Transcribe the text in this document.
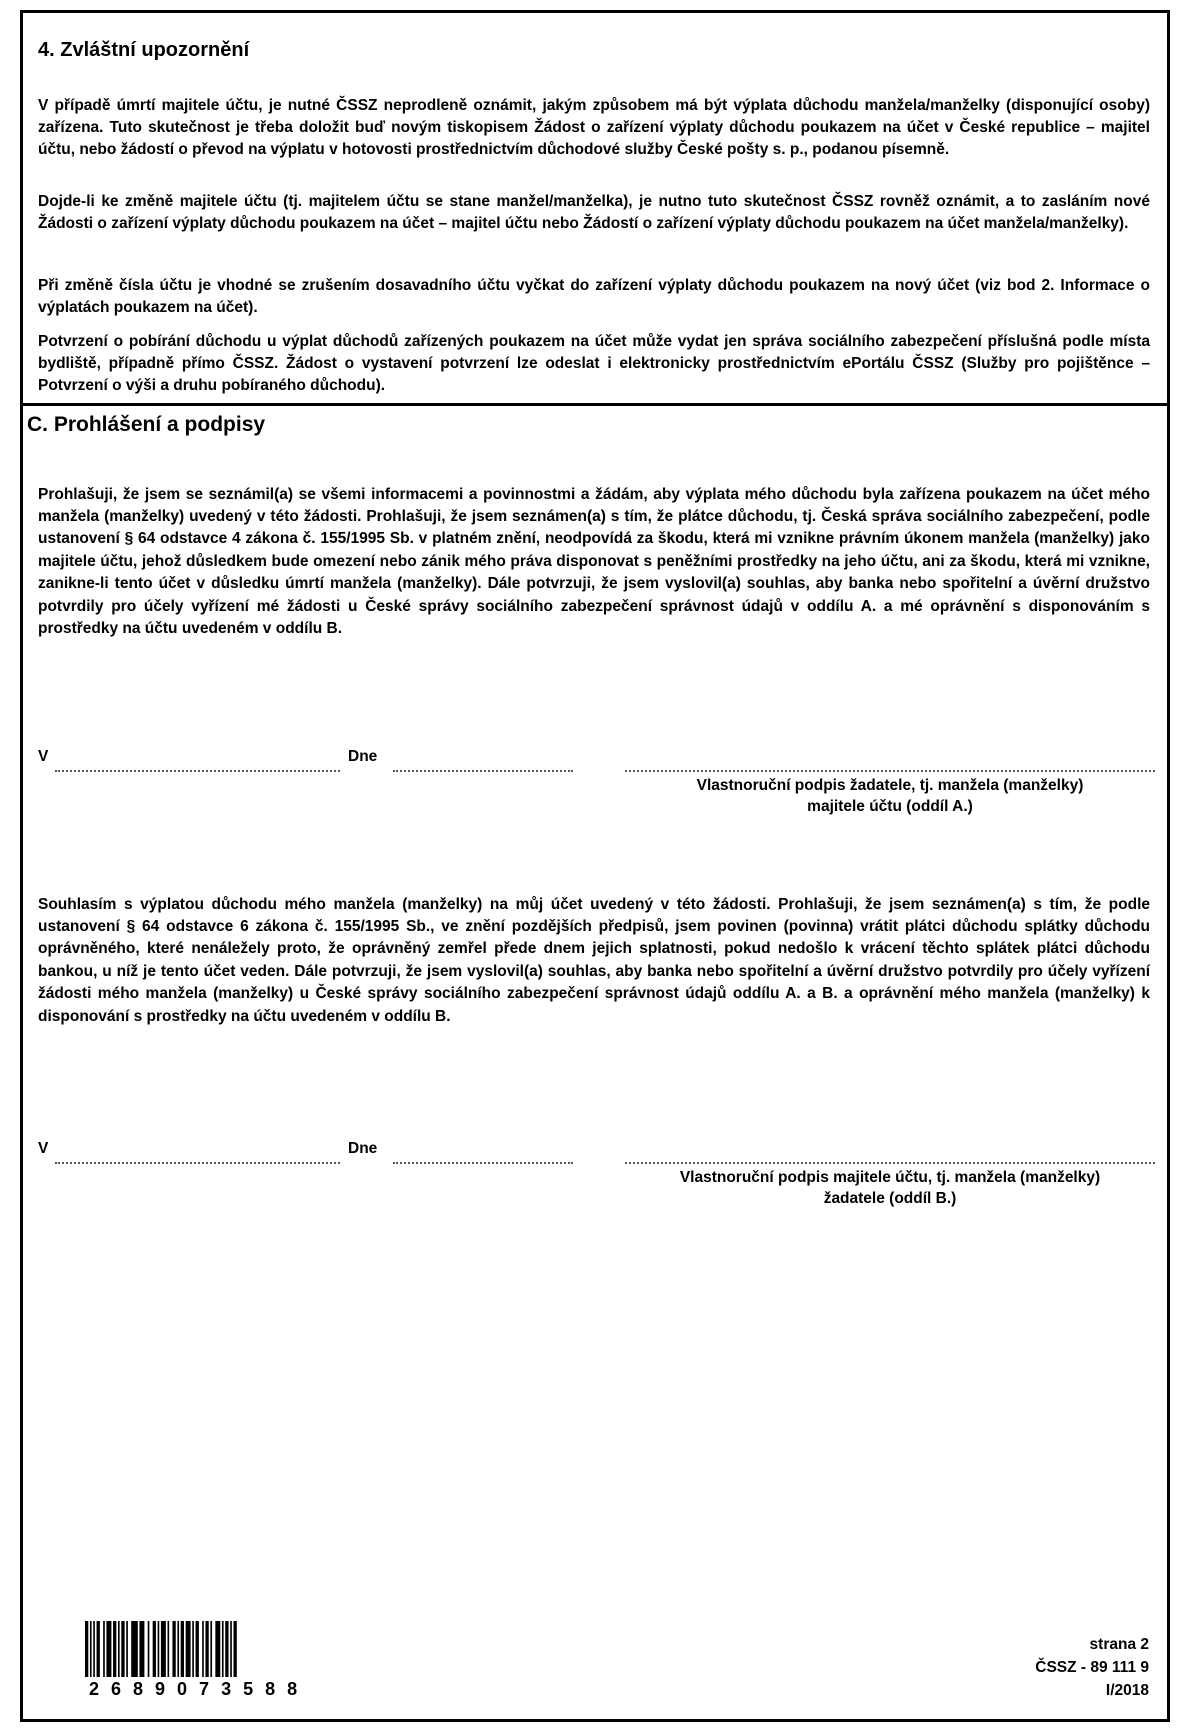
4. Zvláštní upozornění

V případě úmrtí majitele účtu, je nutné ČSSZ neprodleně oznámit, jakým způsobem má být výplata důchodu manžela/manželky (disponující osoby) zařízena. Tuto skutečnost je třeba doložit buď novým tiskopisem Žádost o zařízení výplaty důchodu poukazem na účet v České republice – majitel účtu, nebo žádostí o převod na výplatu v hotovosti prostřednictvím důchodové služby České pošty s. p., podanou písemně.

Dojde-li ke změně majitele účtu (tj. majitelem účtu se stane manžel/manželka), je nutno tuto skutečnost ČSSZ rovněž oznámit, a to zasláním nové Žádosti o zařízení výplaty důchodu poukazem na účet – majitel účtu nebo Žádostí o zařízení výplaty důchodu poukazem na účet manžela/manželky).

Při změně čísla účtu je vhodné se zrušením dosavadního účtu vyčkat do zařízení výplaty důchodu poukazem na nový účet (viz bod 2. Informace o výplatách poukazem na účet).

Potvrzení o pobírání důchodu u výplat důchodů zařízených poukazem na účet může vydat jen správa sociálního zabezpečení příslušná podle místa bydliště, případně přímo ČSSZ. Žádost o vystavení potvrzení lze odeslat i elektronicky prostřednictvím ePortálu ČSSZ (Služby pro pojištěnce – Potvrzení o výši a druhu pobíraného důchodu).

C. Prohlášení a podpisy

Prohlašuji, že jsem se seznámil(a) se všemi informacemi a povinnostmi a žádám, aby výplata mého důchodu byla zařízena poukazem na účet mého manžela (manželky) uvedený v této žádosti. Prohlašuji, že jsem seznámen(a) s tím, že plátce důchodu, tj. Česká správa sociálního zabezpečení, podle ustanovení § 64 odstavce 4 zákona č. 155/1995 Sb. v platném znění, neodpovídá za škodu, která mi vznikne právním úkonem manžela (manželky) jako majitele účtu, jehož důsledkem bude omezení nebo zánik mého práva disponovat s peněžními prostředky na jeho účtu, ani za škodu, která mi vznikne, zanikne-li tento účet v důsledku úmrtí manžela (manželky). Dále potvrzuji, že jsem vyslovil(a) souhlas, aby banka nebo spořitelní a úvěrní družstvo potvrdily pro účely vyřízení mé žádosti u České správy sociálního zabezpečení správnost údajů v oddílu A. a mé oprávnění s disponováním s prostředky na účtu uvedeném v oddílu B.

V	Dne
Vlastnoruční podpis žadatele, tj. manžela (manželky)
majitele účtu (oddíl A.)

Souhlasím s výplatou důchodu mého manžela (manželky) na můj účet uvedený v této žádosti. Prohlašuji, že jsem seznámen(a) s tím, že podle ustanovení § 64 odstavce 6 zákona č. 155/1995 Sb., ve znění pozdějších předpisů, jsem povinen (povinna) vrátit plátci důchodu splátky důchodu oprávněného, které nenáležely proto, že oprávněný zemřel přede dnem jejich splatnosti, pokud nedošlo k vrácení těchto splátek plátci důchodu bankou, u níž je tento účet veden. Dále potvrzuji, že jsem vyslovil(a) souhlas, aby banka nebo spořitelní a úvěrní družstvo potvrdily pro účely vyřízení žádosti mého manžela (manželky) u České správy sociálního zabezpečení správnost údajů oddílu A. a B. a oprávnění mého manžela (manželky) k disponování s prostředky na účtu uvedeném v oddílu B.

V	Dne
Vlastnoruční podpis majitele účtu, tj. manžela (manželky)
žadatele (oddíl B.)
2689073588
strana 2
ČSSZ - 89 111 9
I/2018
